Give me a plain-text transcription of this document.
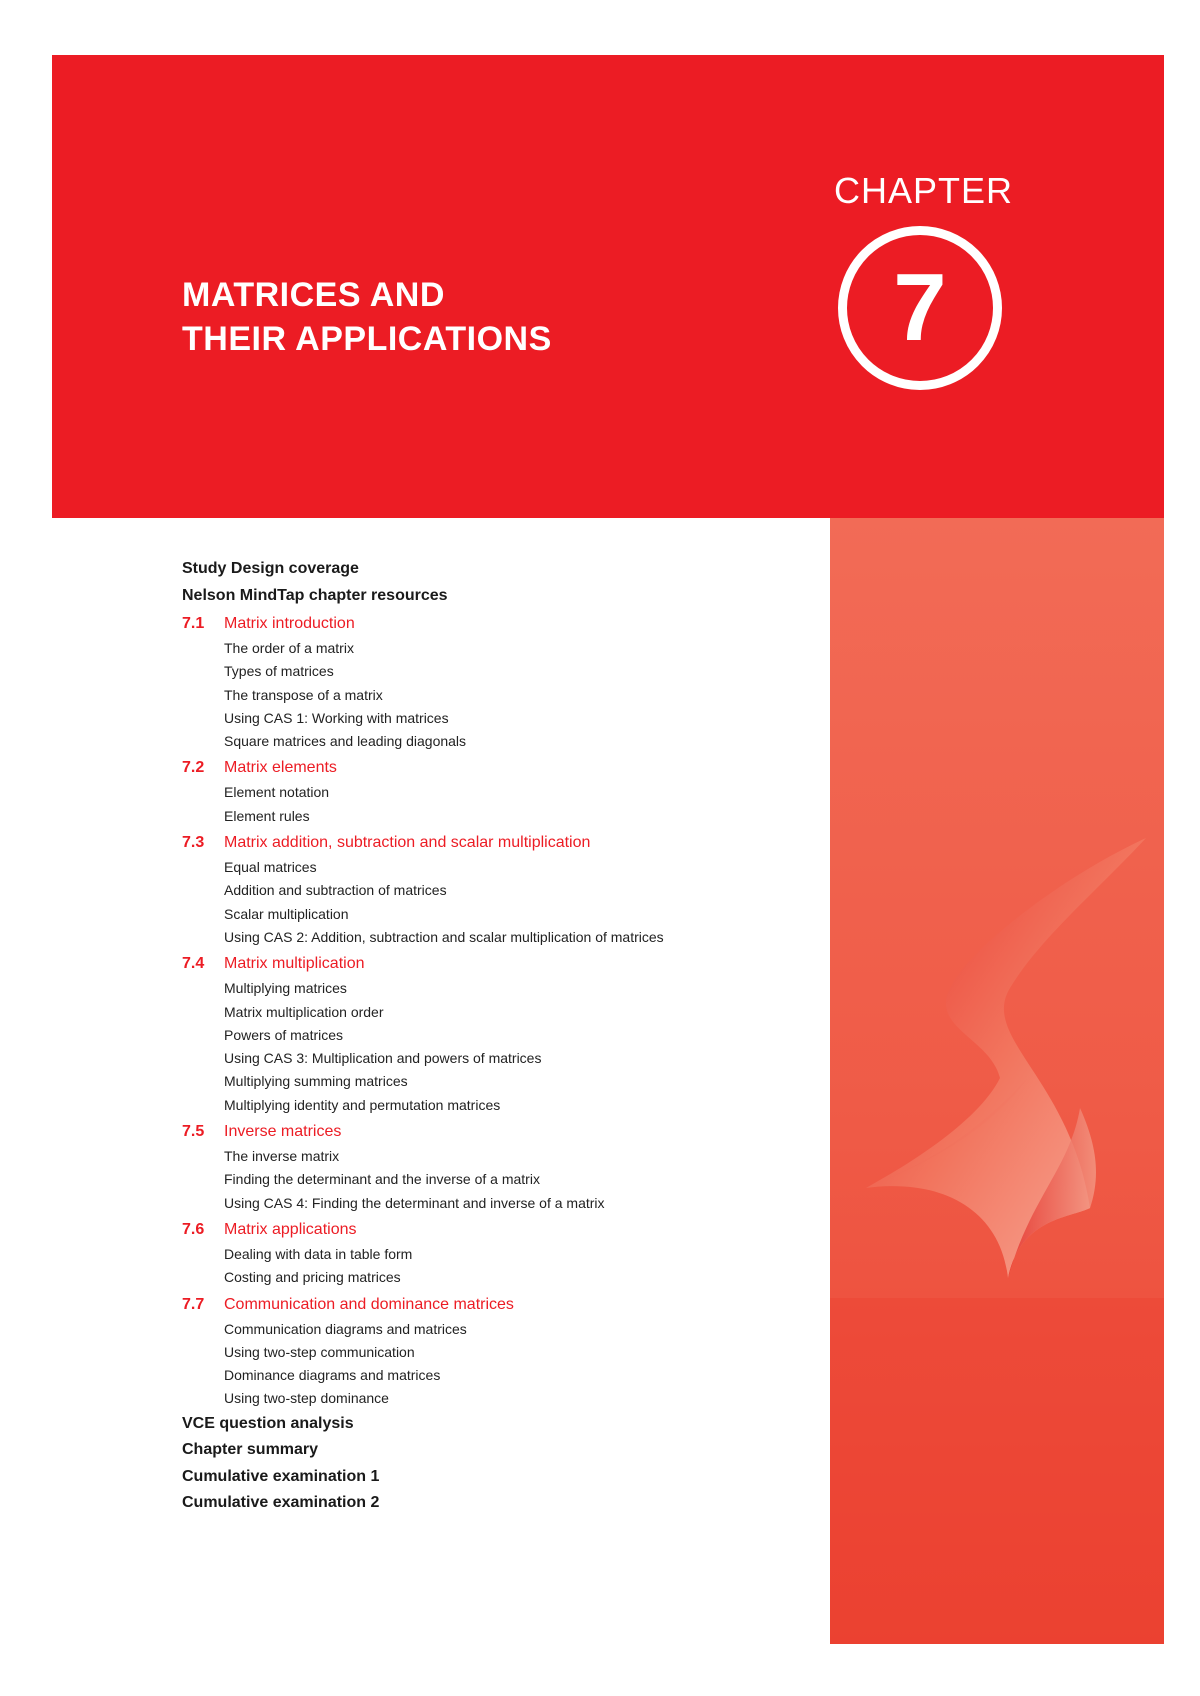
MATRICES AND
THEIR APPLICATIONS
CHAPTER
7
Study Design coverage
Nelson MindTap chapter resources
7.1 Matrix introduction
The order of a matrix
Types of matrices
The transpose of a matrix
Using CAS 1: Working with matrices
Square matrices and leading diagonals
7.2 Matrix elements
Element notation
Element rules
7.3 Matrix addition, subtraction and scalar multiplication
Equal matrices
Addition and subtraction of matrices
Scalar multiplication
Using CAS 2: Addition, subtraction and scalar multiplication of matrices
7.4 Matrix multiplication
Multiplying matrices
Matrix multiplication order
Powers of matrices
Using CAS 3: Multiplication and powers of matrices
Multiplying summing matrices
Multiplying identity and permutation matrices
7.5 Inverse matrices
The inverse matrix
Finding the determinant and the inverse of a matrix
Using CAS 4: Finding the determinant and inverse of a matrix
7.6 Matrix applications
Dealing with data in table form
Costing and pricing matrices
7.7 Communication and dominance matrices
Communication diagrams and matrices
Using two-step communication
Dominance diagrams and matrices
Using two-step dominance
VCE question analysis
Chapter summary
Cumulative examination 1
Cumulative examination 2
